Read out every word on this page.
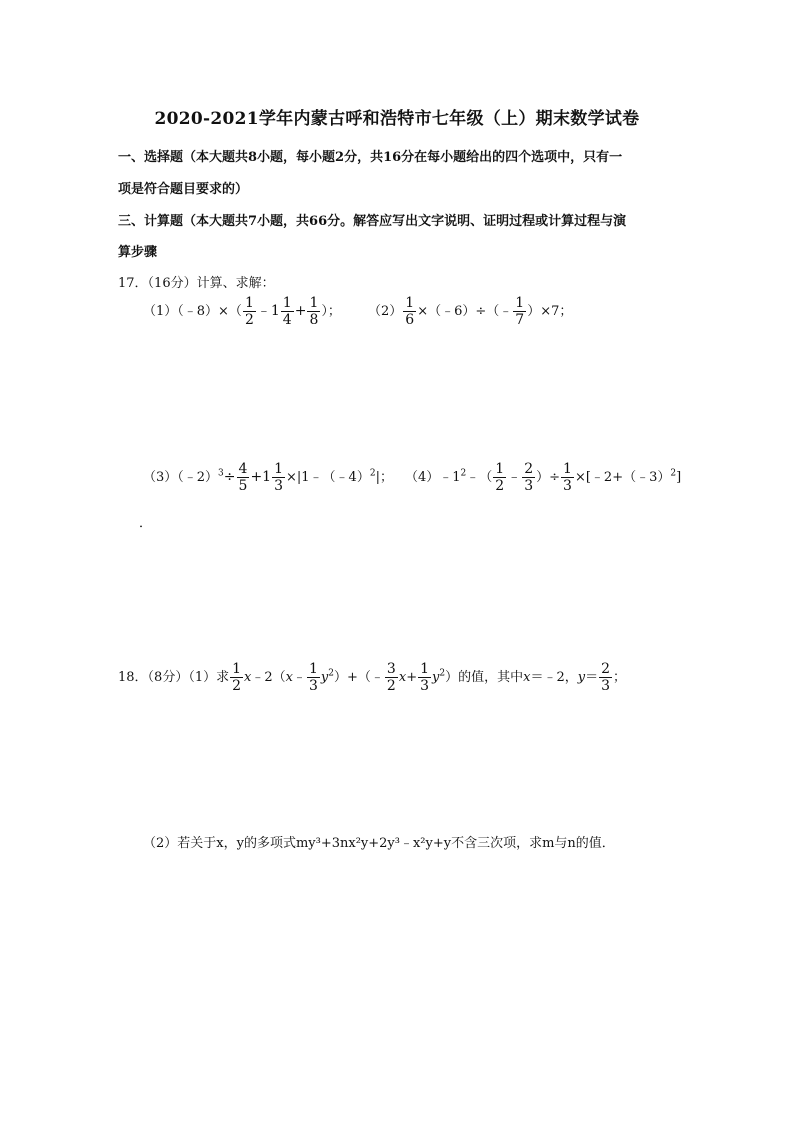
2020-2021学年内蒙古呼和浩特市七年级（上）期末数学试卷
一、选择题（本大题共8小题，每小题2分，共16分在每小题给出的四个选项中，只有一
项是符合题目要求的）
三、计算题（本大题共7小题，共66分。解答应写出文字说明、证明过程或计算过程与演
算步骤
17．（16分）计算、求解：
（1）（﹣8）×（ $\frac{1}{2}$ ﹣1 $\frac{1}{4} + \frac{1}{8}$ ）； $(2) \frac{1}{6}$ ×（﹣6）÷（﹣ $\frac{1}{7} )\times 7$；
（3）（﹣2）$^3$÷ $\frac{4}{5} +1 \frac{1}{3}$ ×|1﹣（﹣4）$^2$|； $(4)﹣1^2﹣( \frac{1}{2}$ ﹣ $\frac{2}{3}$ ）÷ $\frac{1}{3}$ ×[﹣2+（﹣3）$^2$]
．
18．（8分）（1）求 $\frac{1}{2}$ x﹣2（x﹣ $\frac{1}{3}$ $y^2)+(﹣ \frac{3}{2} x+ \frac{1}{3} y^2)$的值，其中x＝﹣2，$y= \frac{2}{3}$ ；
（2）若关于x，y的多项式my³+3nx²y+2y³﹣x²y+y不含三次项，求m与n的值．
